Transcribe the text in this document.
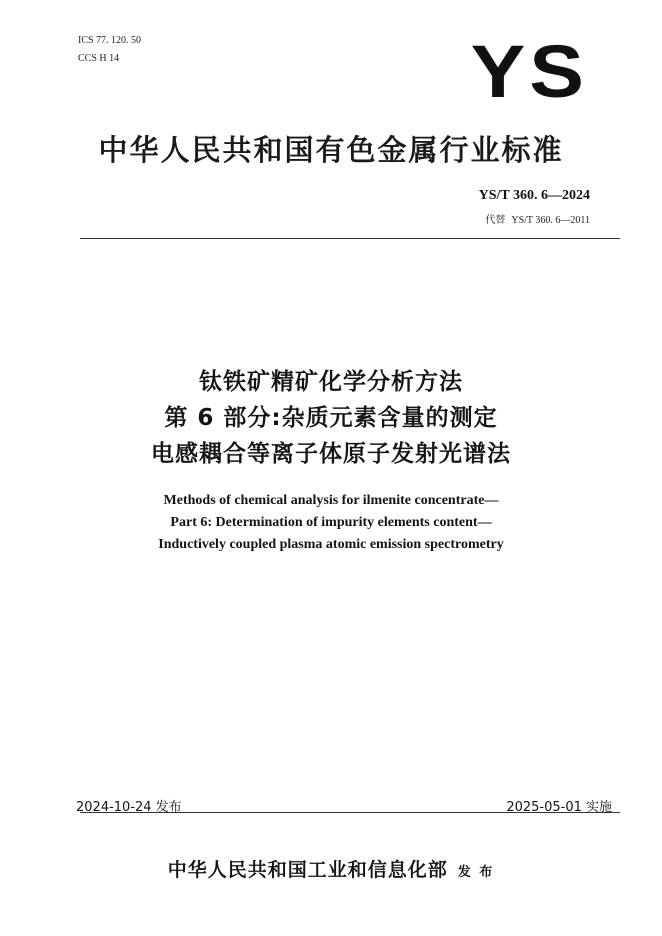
ICS 77. 120. 50
CCS H 14	YS
中华人民共和国有色金属行业标准
YS/T 360. 6—2024
代替 YS/T 360. 6—2011
钛铁矿精矿化学分析方法
第 6 部分:杂质元素含量的测定
电感耦合等离子体原子发射光谱法
Methods of chemical analysis for ilmenite concentrate—
Part 6: Determination of impurity elements content—
Inductively coupled plasma atomic emission spectrometry
2024-10-24 发布	2025-05-01 实施
中华人民共和国工业和信息化部 发 布
